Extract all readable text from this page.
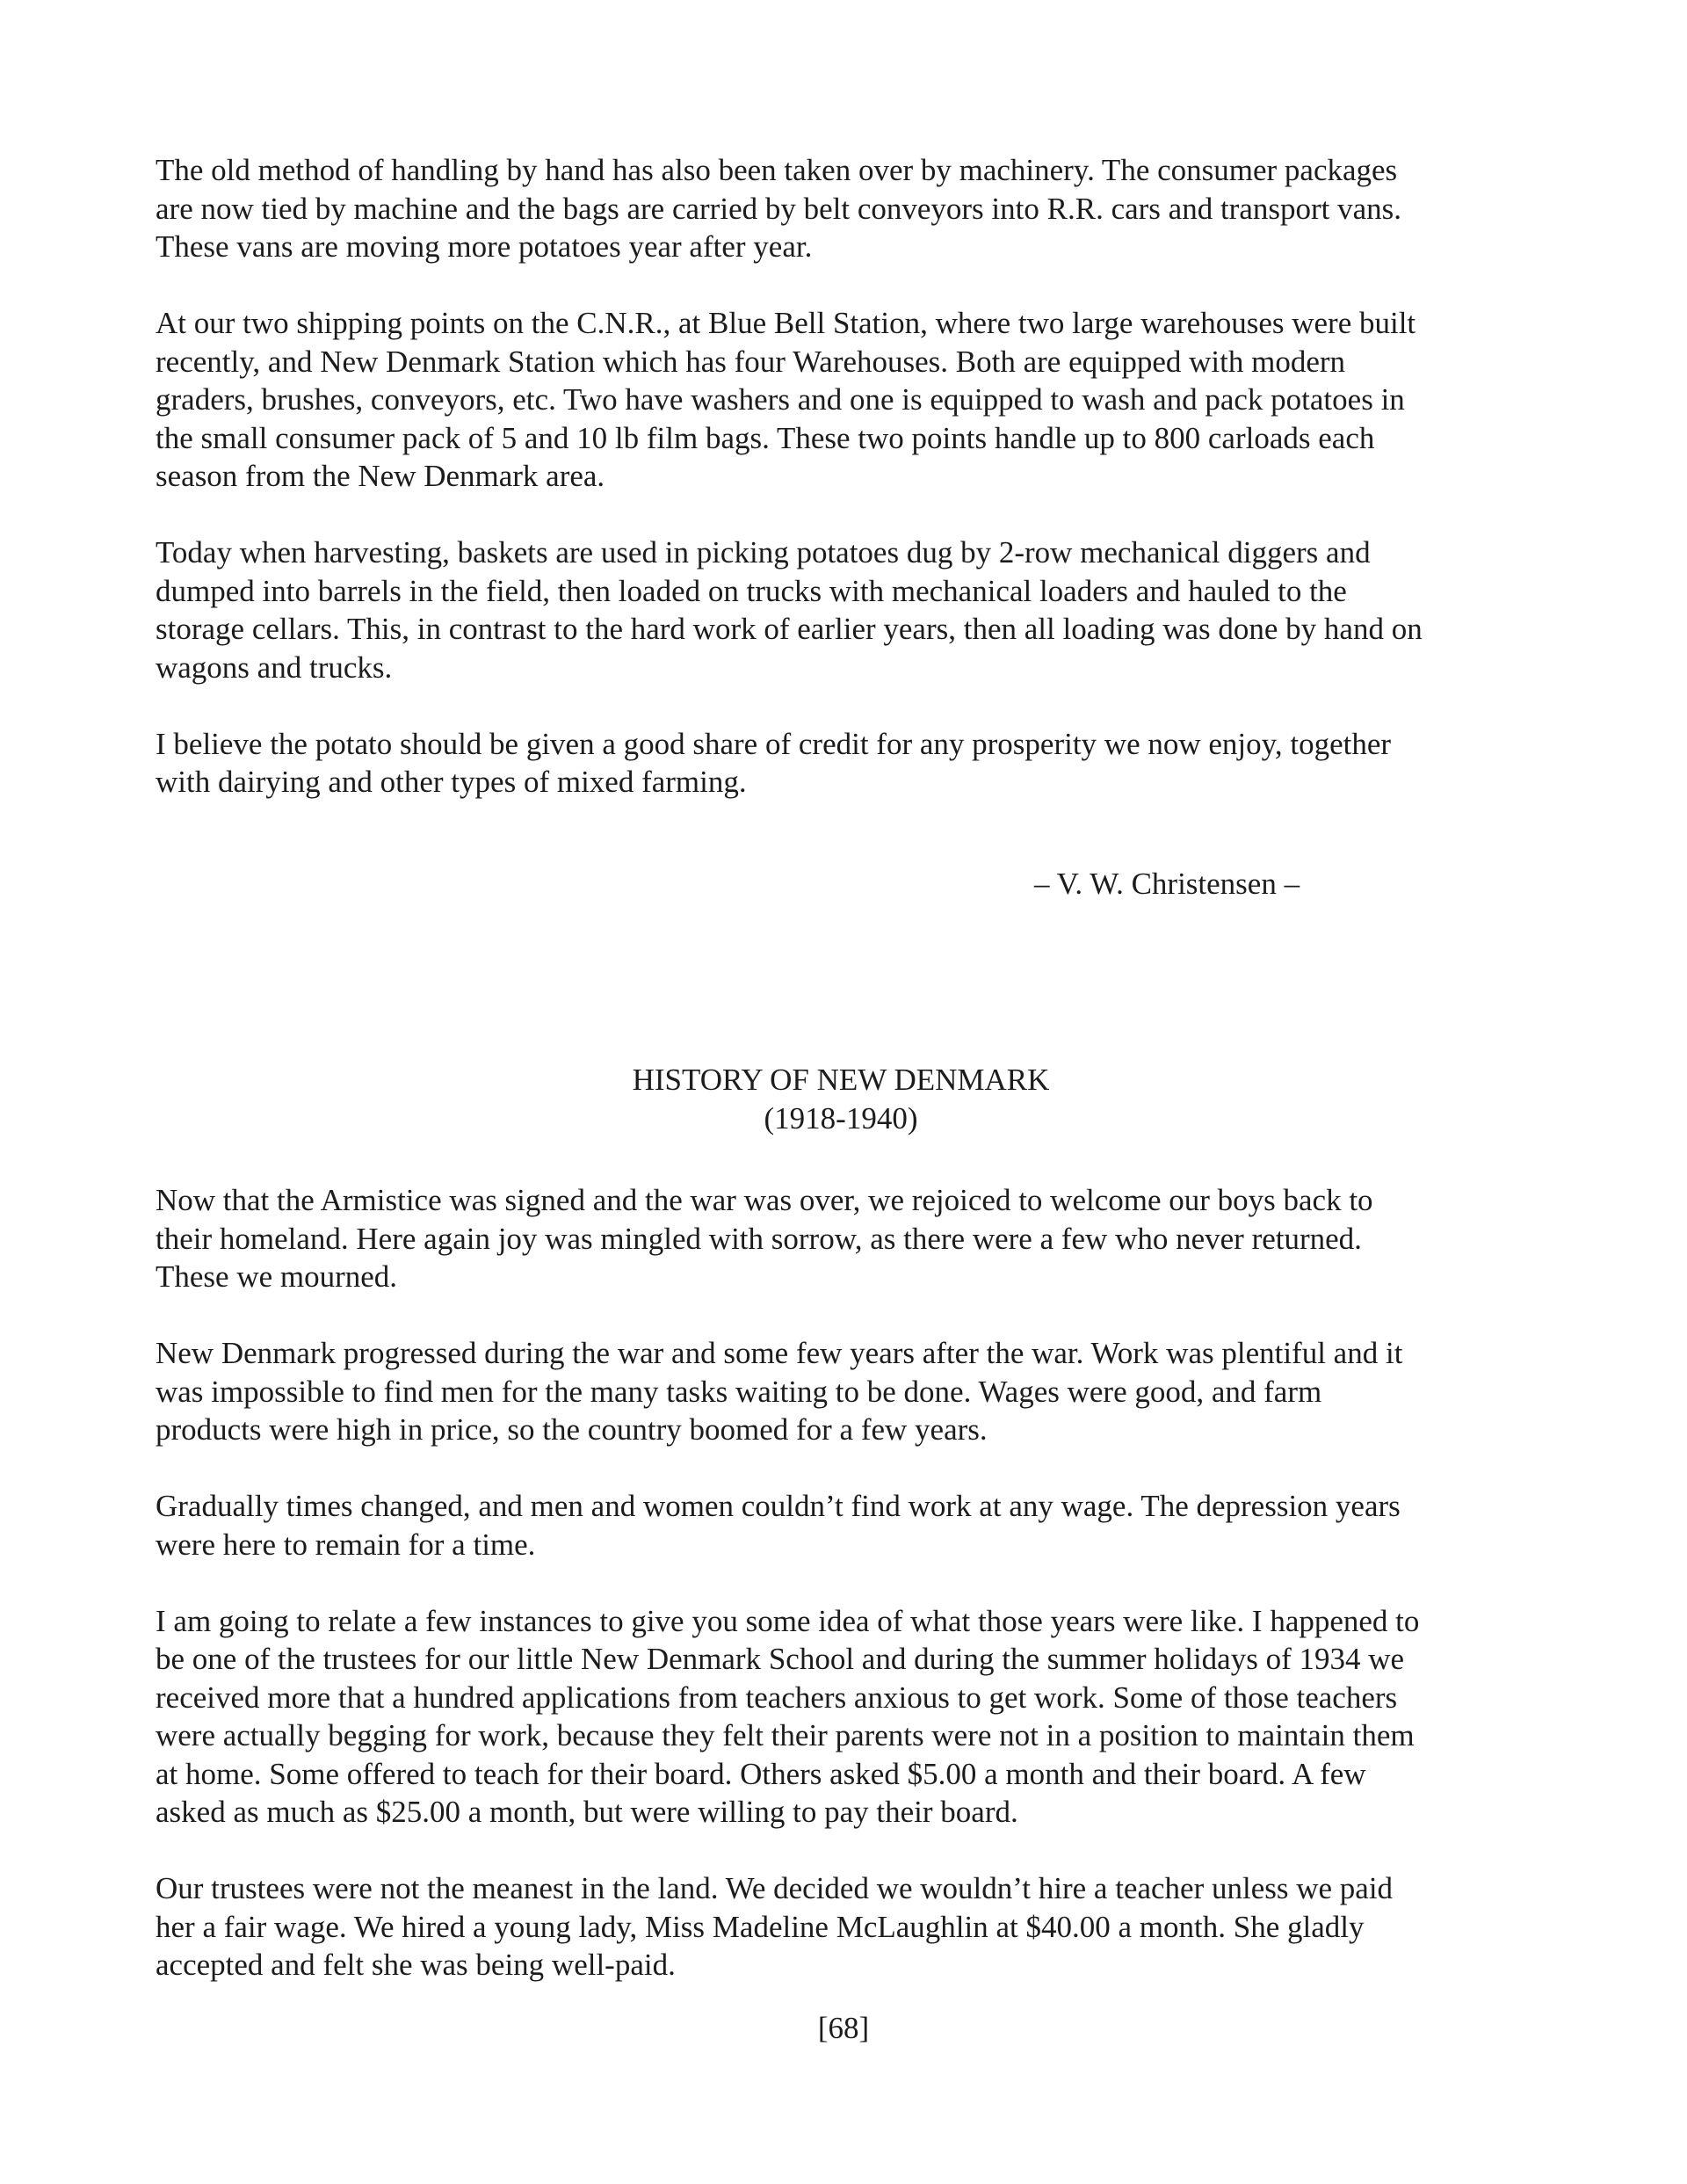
The old method of handling by hand has also been taken over by machinery. The consumer packages
are now tied by machine and the bags are carried by belt conveyors into R.R. cars and transport vans.
These vans are moving more potatoes year after year.

At our two shipping points on the C.N.R., at Blue Bell Station, where two large warehouses were built
recently, and New Denmark Station which has four Warehouses. Both are equipped with modern
graders, brushes, conveyors, etc. Two have washers and one is equipped to wash and pack potatoes in
the small consumer pack of 5 and 10 lb film bags. These two points handle up to 800 carloads each
season from the New Denmark area.

Today when harvesting, baskets are used in picking potatoes dug by 2-row mechanical diggers and
dumped into barrels in the field, then loaded on trucks with mechanical loaders and hauled to the
storage cellars. This, in contrast to the hard work of earlier years, then all loading was done by hand on
wagons and trucks.

I believe the potato should be given a good share of credit for any prosperity we now enjoy, together
with dairying and other types of mixed farming.

– V. W. Christensen –

HISTORY OF NEW DENMARK
(1918-1940)

Now that the Armistice was signed and the war was over, we rejoiced to welcome our boys back to
their homeland. Here again joy was mingled with sorrow, as there were a few who never returned.
These we mourned.

New Denmark progressed during the war and some few years after the war. Work was plentiful and it
was impossible to find men for the many tasks waiting to be done. Wages were good, and farm
products were high in price, so the country boomed for a few years.

Gradually times changed, and men and women couldn’t find work at any wage. The depression years
were here to remain for a time.

I am going to relate a few instances to give you some idea of what those years were like. I happened to
be one of the trustees for our little New Denmark School and during the summer holidays of 1934 we
received more that a hundred applications from teachers anxious to get work. Some of those teachers
were actually begging for work, because they felt their parents were not in a position to maintain them
at home. Some offered to teach for their board. Others asked $5.00 a month and their board. A few
asked as much as $25.00 a month, but were willing to pay their board.

Our trustees were not the meanest in the land. We decided we wouldn’t hire a teacher unless we paid
her a fair wage. We hired a young lady, Miss Madeline McLaughlin at $40.00 a month. She gladly
accepted and felt she was being well-paid.

[68]
